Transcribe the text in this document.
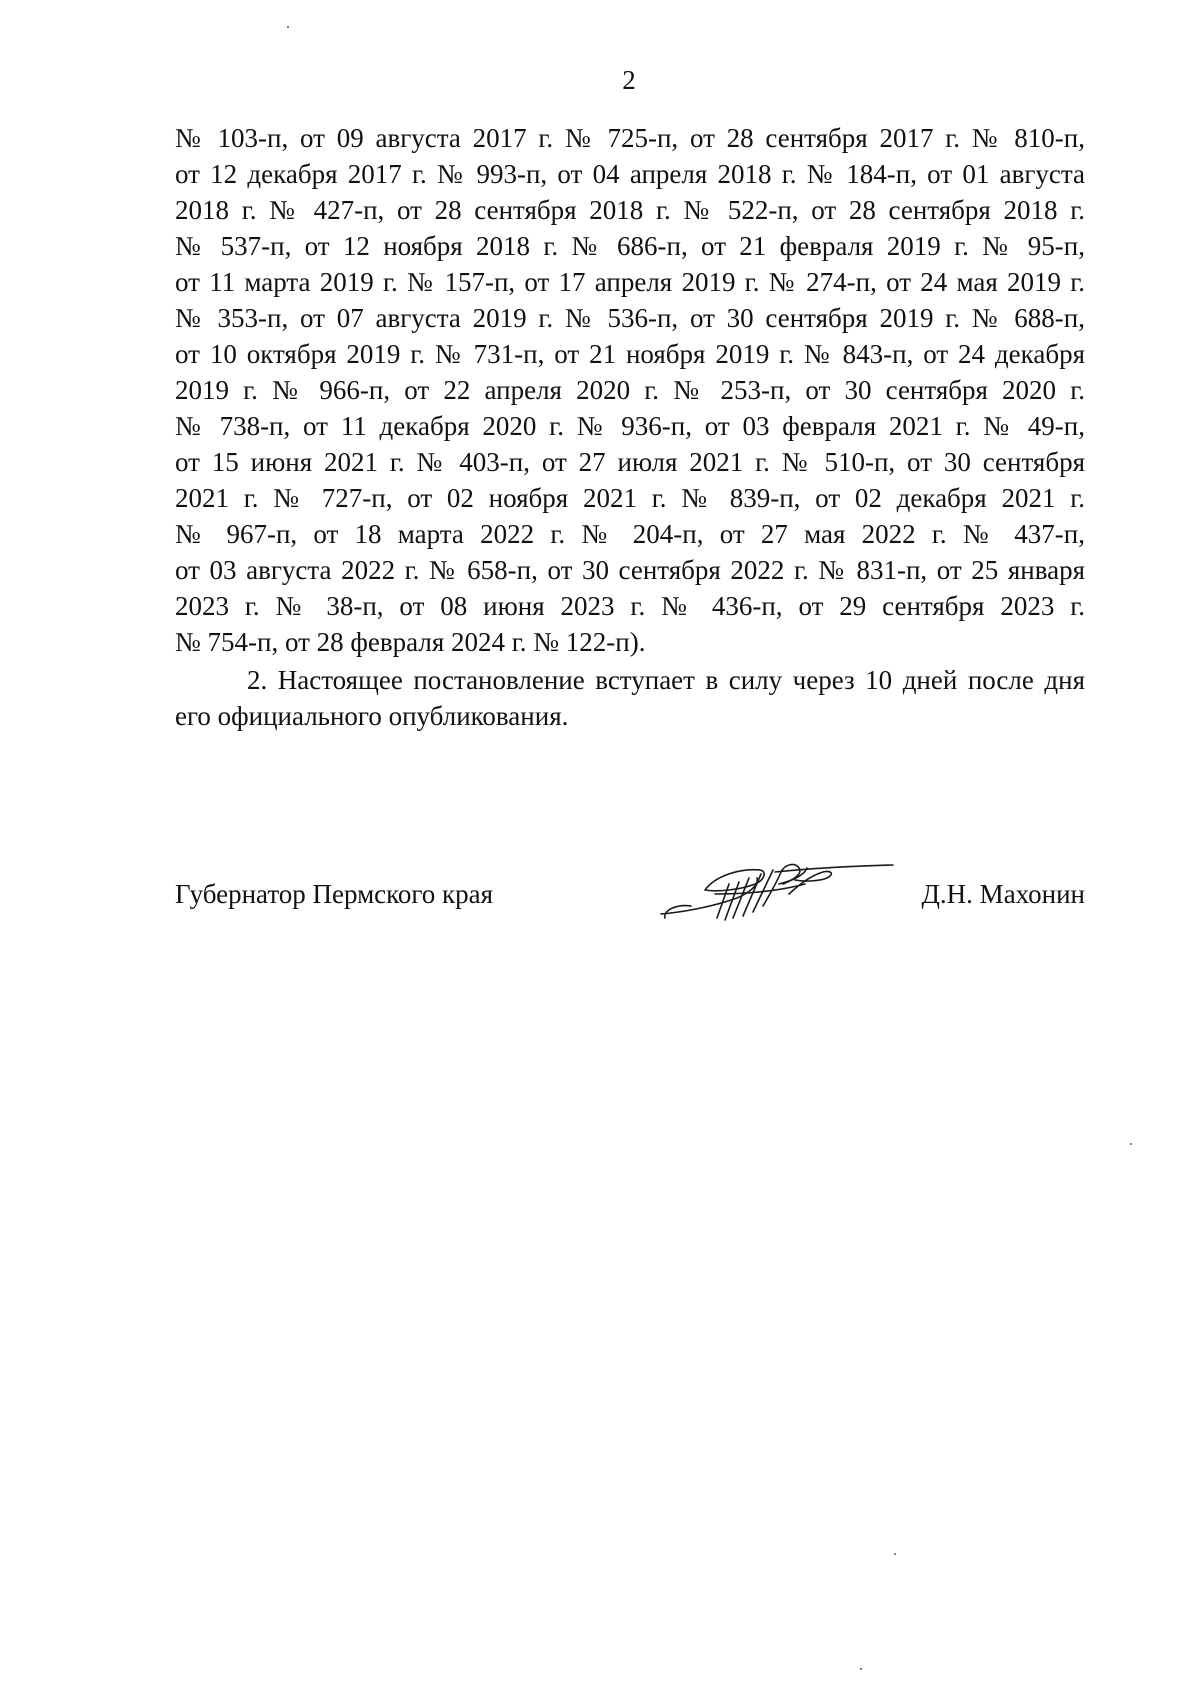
2
№ 103-п, от 09 августа 2017 г. № 725-п, от 28 сентября 2017 г. № 810-п,
от 12 декабря 2017 г. № 993-п, от 04 апреля 2018 г. № 184-п, от 01 августа
2018 г. № 427-п, от 28 сентября 2018 г. № 522-п, от 28 сентября 2018 г.
№ 537-п, от 12 ноября 2018 г. № 686-п, от 21 февраля 2019 г. № 95-п,
от 11 марта 2019 г. № 157-п, от 17 апреля 2019 г. № 274-п, от 24 мая 2019 г.
№ 353-п, от 07 августа 2019 г. № 536-п, от 30 сентября 2019 г. № 688-п,
от 10 октября 2019 г. № 731-п, от 21 ноября 2019 г. № 843-п, от 24 декабря
2019 г. № 966-п, от 22 апреля 2020 г. № 253-п, от 30 сентября 2020 г.
№ 738-п, от 11 декабря 2020 г. № 936-п, от 03 февраля 2021 г. № 49-п,
от 15 июня 2021 г. № 403-п, от 27 июля 2021 г. № 510-п, от 30 сентября
2021 г. № 727-п, от 02 ноября 2021 г. № 839-п, от 02 декабря 2021 г.
№ 967-п, от 18 марта 2022 г. № 204-п, от 27 мая 2022 г. № 437-п,
от 03 августа 2022 г. № 658-п, от 30 сентября 2022 г. № 831-п, от 25 января
2023 г. № 38-п, от 08 июня 2023 г. № 436-п, от 29 сентября 2023 г.
№ 754-п, от 28 февраля 2024 г. № 122-п).
2. Настоящее постановление вступает в силу через 10 дней после дня
его официального опубликования.
Губернатор Пермского края	Д.Н. Махонин
